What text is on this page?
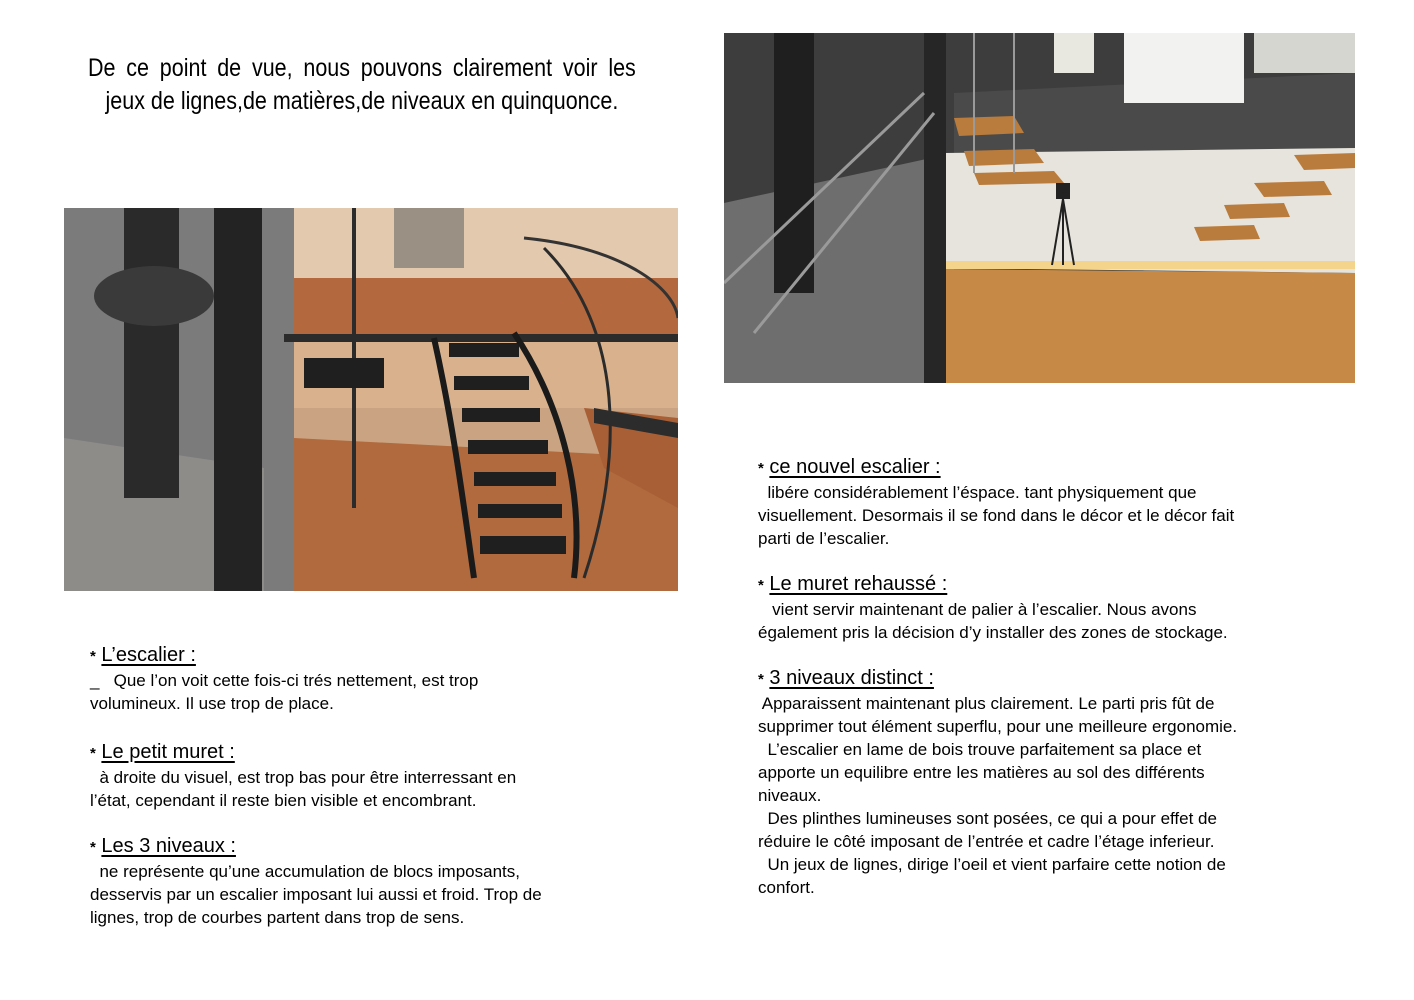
De ce point de vue, nous pouvons clairement voir les jeux de lignes,de matières,de niveaux en quinquonce.
* L’escalier :

_   Que l’on voit cette fois-ci trés nettement, est trop

volumineux. Il use trop de place.

* Le petit muret :

à droite du visuel, est trop bas pour être interressant en

l’état, cependant il reste bien visible et encombrant.

* Les 3 niveaux :

ne représente qu’une accumulation de blocs imposants,

desservis par un escalier imposant lui aussi et froid. Trop de

lignes, trop de courbes partent dans trop de sens.

* ce nouvel escalier :

libére considérablement l’éspace. tant physiquement que

visuellement. Desormais il se fond dans le décor et le décor fait

parti de l’escalier.

* Le muret rehaussé :

vient servir maintenant de palier à l’escalier. Nous avons

également pris la décision d’y installer des zones de stockage.

* 3 niveaux distinct :

Apparaissent maintenant plus clairement. Le parti pris fût de

supprimer tout élément superflu, pour une meilleure ergonomie.

L’escalier en lame de bois trouve parfaitement sa place et

apporte un equilibre entre les matières au sol des différents

niveaux.

Des plinthes lumineuses sont posées, ce qui a pour effet de

réduire le côté imposant de l’entrée et cadre l’étage inferieur.

Un jeux de lignes, dirige l’oeil et vient parfaire cette notion de

confort.
